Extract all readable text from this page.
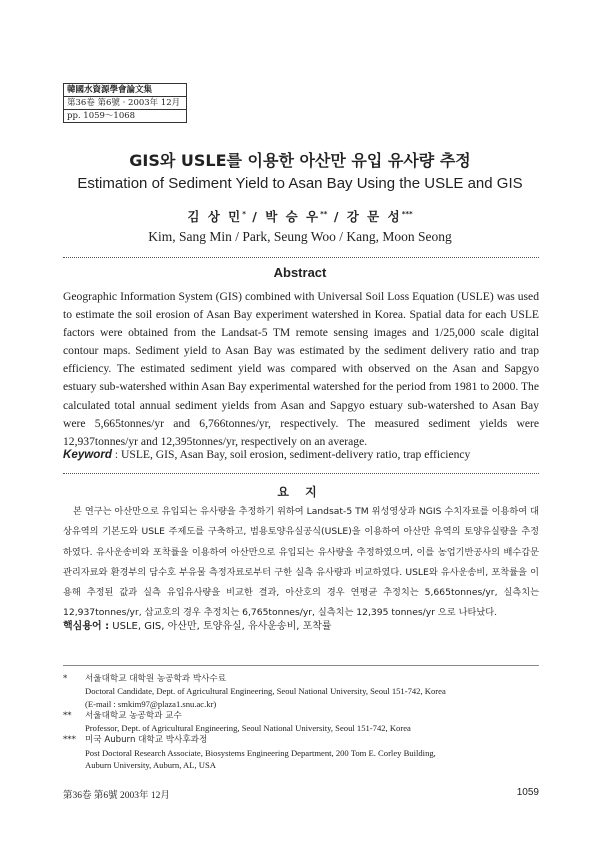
韓國水資源學會論文集
第36卷 第6號 · 2003年 12月
pp. 1059～1068
GIS와 USLE를 이용한 아산만 유입 유사량 추정
Estimation of Sediment Yield to Asan Bay Using the USLE and GIS
김 상 민* / 박 승 우** / 강 문 성***
Kim, Sang Min / Park, Seung Woo / Kang, Moon Seong
Abstract

Geographic Information System (GIS) combined with Universal Soil Loss Equation (USLE) was used to estimate the soil erosion of Asan Bay experiment watershed in Korea. Spatial data for each USLE factors were obtained from the Landsat-5 TM remote sensing images and 1/25,000 scale digital contour maps. Sediment yield to Asan Bay was estimated by the sediment delivery ratio and trap efficiency. The estimated sediment yield was compared with observed on the Asan and Sapgyo estuary sub-watershed within Asan Bay experimental watershed for the period from 1981 to 2000. The calculated total annual sediment yields from Asan and Sapgyo estuary sub-watershed to Asan Bay were 5,665tonnes/yr and 6,766tonnes/yr, respectively. The measured sediment yields were 12,937tonnes/yr and 12,395tonnes/yr, respectively on an average.

Keyword : USLE, GIS, Asan Bay, soil erosion, sediment-delivery ratio, trap efficiency
요 지

본 연구는 아산만으로 유입되는 유사량을 추정하기 위하여 Landsat-5 TM 위성영상과 NGIS 수치자료를 이용하여 대상유역의 기본도와 USLE 주제도를 구축하고, 범용토양유실공식(USLE)을 이용하여 아산만 유역의 토양유실량을 추정하였다. 유사운송비와 포착률을 이용하여 아산만으로 유입되는 유사량을 추정하였으며, 이를 농업기반공사의 배수갑문 관리자료와 환경부의 담수호 부유물 측정자료로부터 구한 실측 유사량과 비교하였다. USLE와 유사운송비, 포착률을 이용해 추정된 값과 실측 유입유사량을 비교한 결과, 아산호의 경우 연평균 추정치는 5,665tonnes/yr, 실측치는 12,937tonnes/yr, 삽교호의 경우 추정치는 6,765tonnes/yr, 실측치는 12,395 tonnes/yr 으로 나타났다.

핵심용어 : USLE, GIS, 아산만, 토양유실, 유사운송비, 포착률
*	서울대학교 대학원 농공학과 박사수료
Doctoral Candidate, Dept. of Agricultural Engineering, Seoul National University, Seoul 151-742, Korea
(E-mail : smkim97@plaza1.snu.ac.kr)
**	서울대학교 농공학과 교수
Professor, Dept. of Agricultural Engineering, Seoul National University, Seoul 151-742, Korea
***	미국 Auburn 대학교 박사후과정
Post Doctoral Research Associate, Biosystems Engineering Department, 200 Tom E. Corley Building,
Auburn University, Auburn, AL, USA
第36卷 第6號 2003年 12月	1059
